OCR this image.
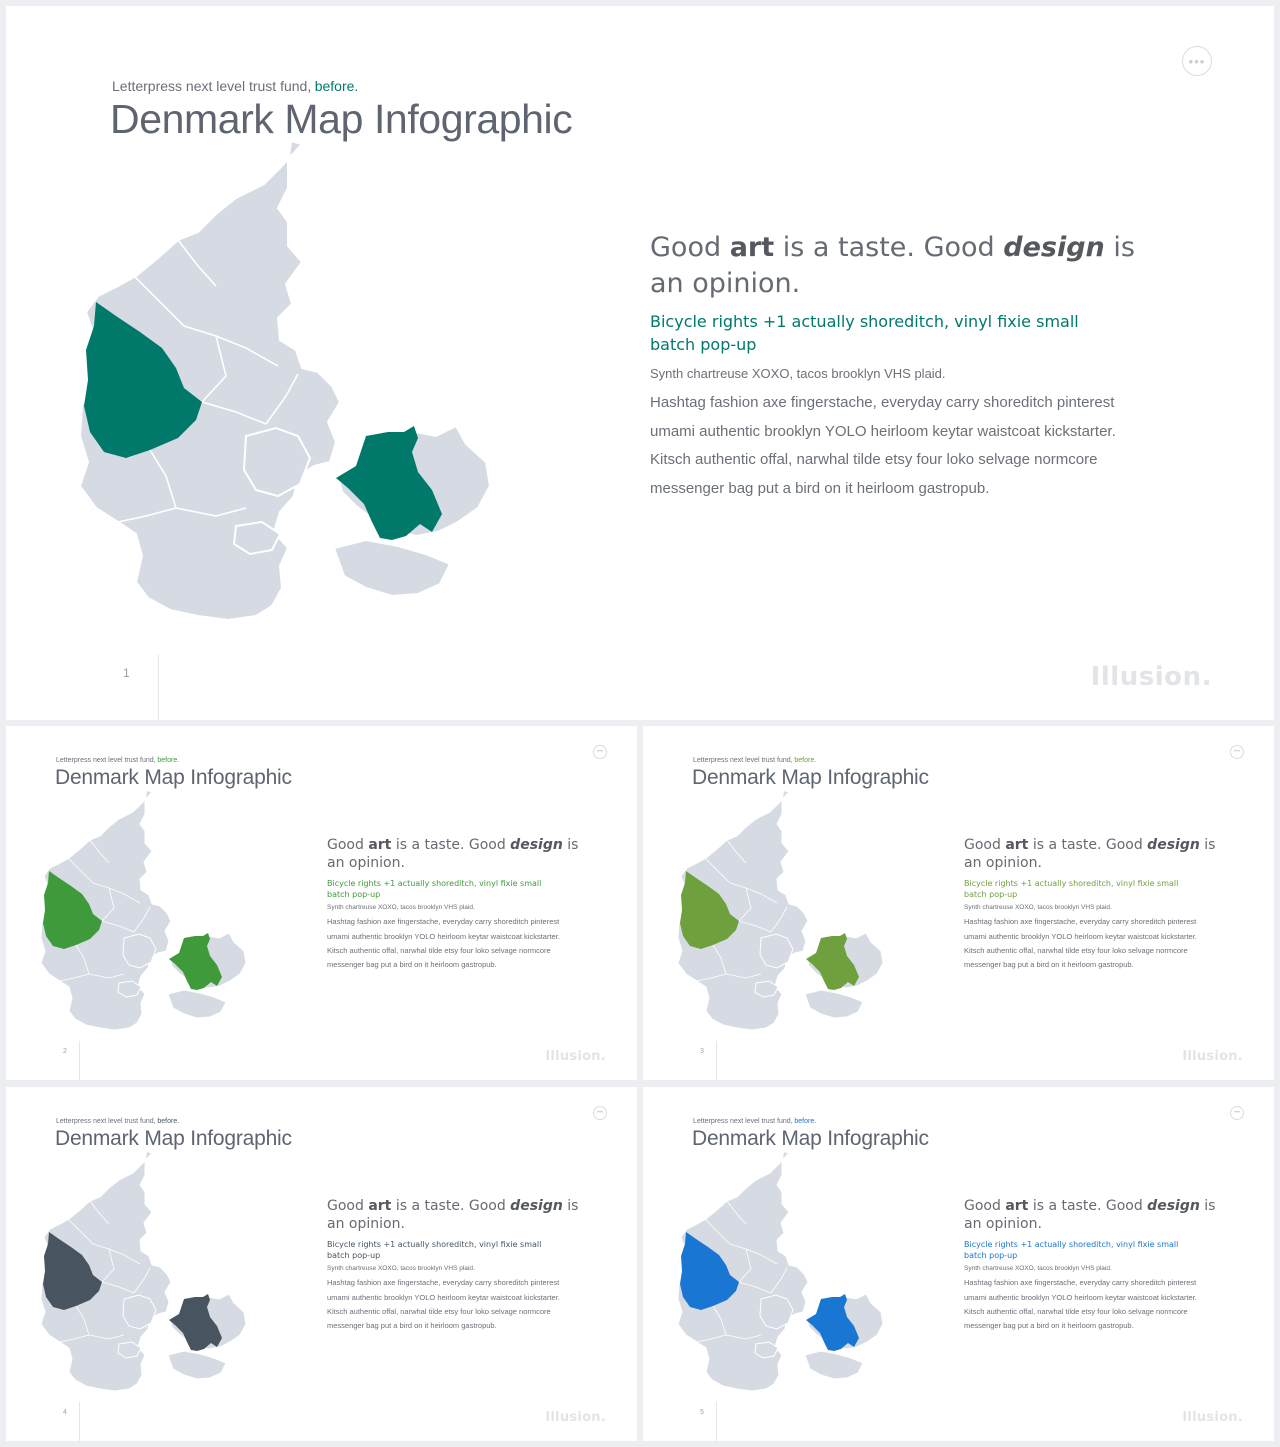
Letterpress next level trust fund, before.
Denmark Map Infographic
•••
Good art is a taste. Good design is an opinion.
Bicycle rights +1 actually shoreditch, vinyl fixie small batch pop-up
Synth chartreuse XOXO, tacos brooklyn VHS plaid.
Hashtag fashion axe fingerstache, everyday carry shoreditch pinterest umami authentic brooklyn YOLO heirloom keytar waistcoat kickstarter. Kitsch authentic offal, narwhal tilde etsy four loko selvage normcore messenger bag put a bird on it heirloom gastropub.
1	Illusion.
Letterpress next level trust fund, before.
Denmark Map Infographic
•••
Good art is a taste. Good design is an opinion.
Bicycle rights +1 actually shoreditch, vinyl fixie small batch pop-up
Synth chartreuse XOXO, tacos brooklyn VHS plaid.
Hashtag fashion axe fingerstache, everyday carry shoreditch pinterest umami authentic brooklyn YOLO heirloom keytar waistcoat kickstarter. Kitsch authentic offal, narwhal tilde etsy four loko selvage normcore messenger bag put a bird on it heirloom gastropub.
2	Illusion.
Letterpress next level trust fund, before.
Denmark Map Infographic
•••
Good art is a taste. Good design is an opinion.
Bicycle rights +1 actually shoreditch, vinyl fixie small batch pop-up
Synth chartreuse XOXO, tacos brooklyn VHS plaid.
Hashtag fashion axe fingerstache, everyday carry shoreditch pinterest umami authentic brooklyn YOLO heirloom keytar waistcoat kickstarter. Kitsch authentic offal, narwhal tilde etsy four loko selvage normcore messenger bag put a bird on it heirloom gastropub.
3	Illusion.
Letterpress next level trust fund, before.
Denmark Map Infographic
•••
Good art is a taste. Good design is an opinion.
Bicycle rights +1 actually shoreditch, vinyl fixie small batch pop-up
Synth chartreuse XOXO, tacos brooklyn VHS plaid.
Hashtag fashion axe fingerstache, everyday carry shoreditch pinterest umami authentic brooklyn YOLO heirloom keytar waistcoat kickstarter. Kitsch authentic offal, narwhal tilde etsy four loko selvage normcore messenger bag put a bird on it heirloom gastropub.
4	Illusion.
Letterpress next level trust fund, before.
Denmark Map Infographic
•••
Good art is a taste. Good design is an opinion.
Bicycle rights +1 actually shoreditch, vinyl fixie small batch pop-up
Synth chartreuse XOXO, tacos brooklyn VHS plaid.
Hashtag fashion axe fingerstache, everyday carry shoreditch pinterest umami authentic brooklyn YOLO heirloom keytar waistcoat kickstarter. Kitsch authentic offal, narwhal tilde etsy four loko selvage normcore messenger bag put a bird on it heirloom gastropub.
5	Illusion.
